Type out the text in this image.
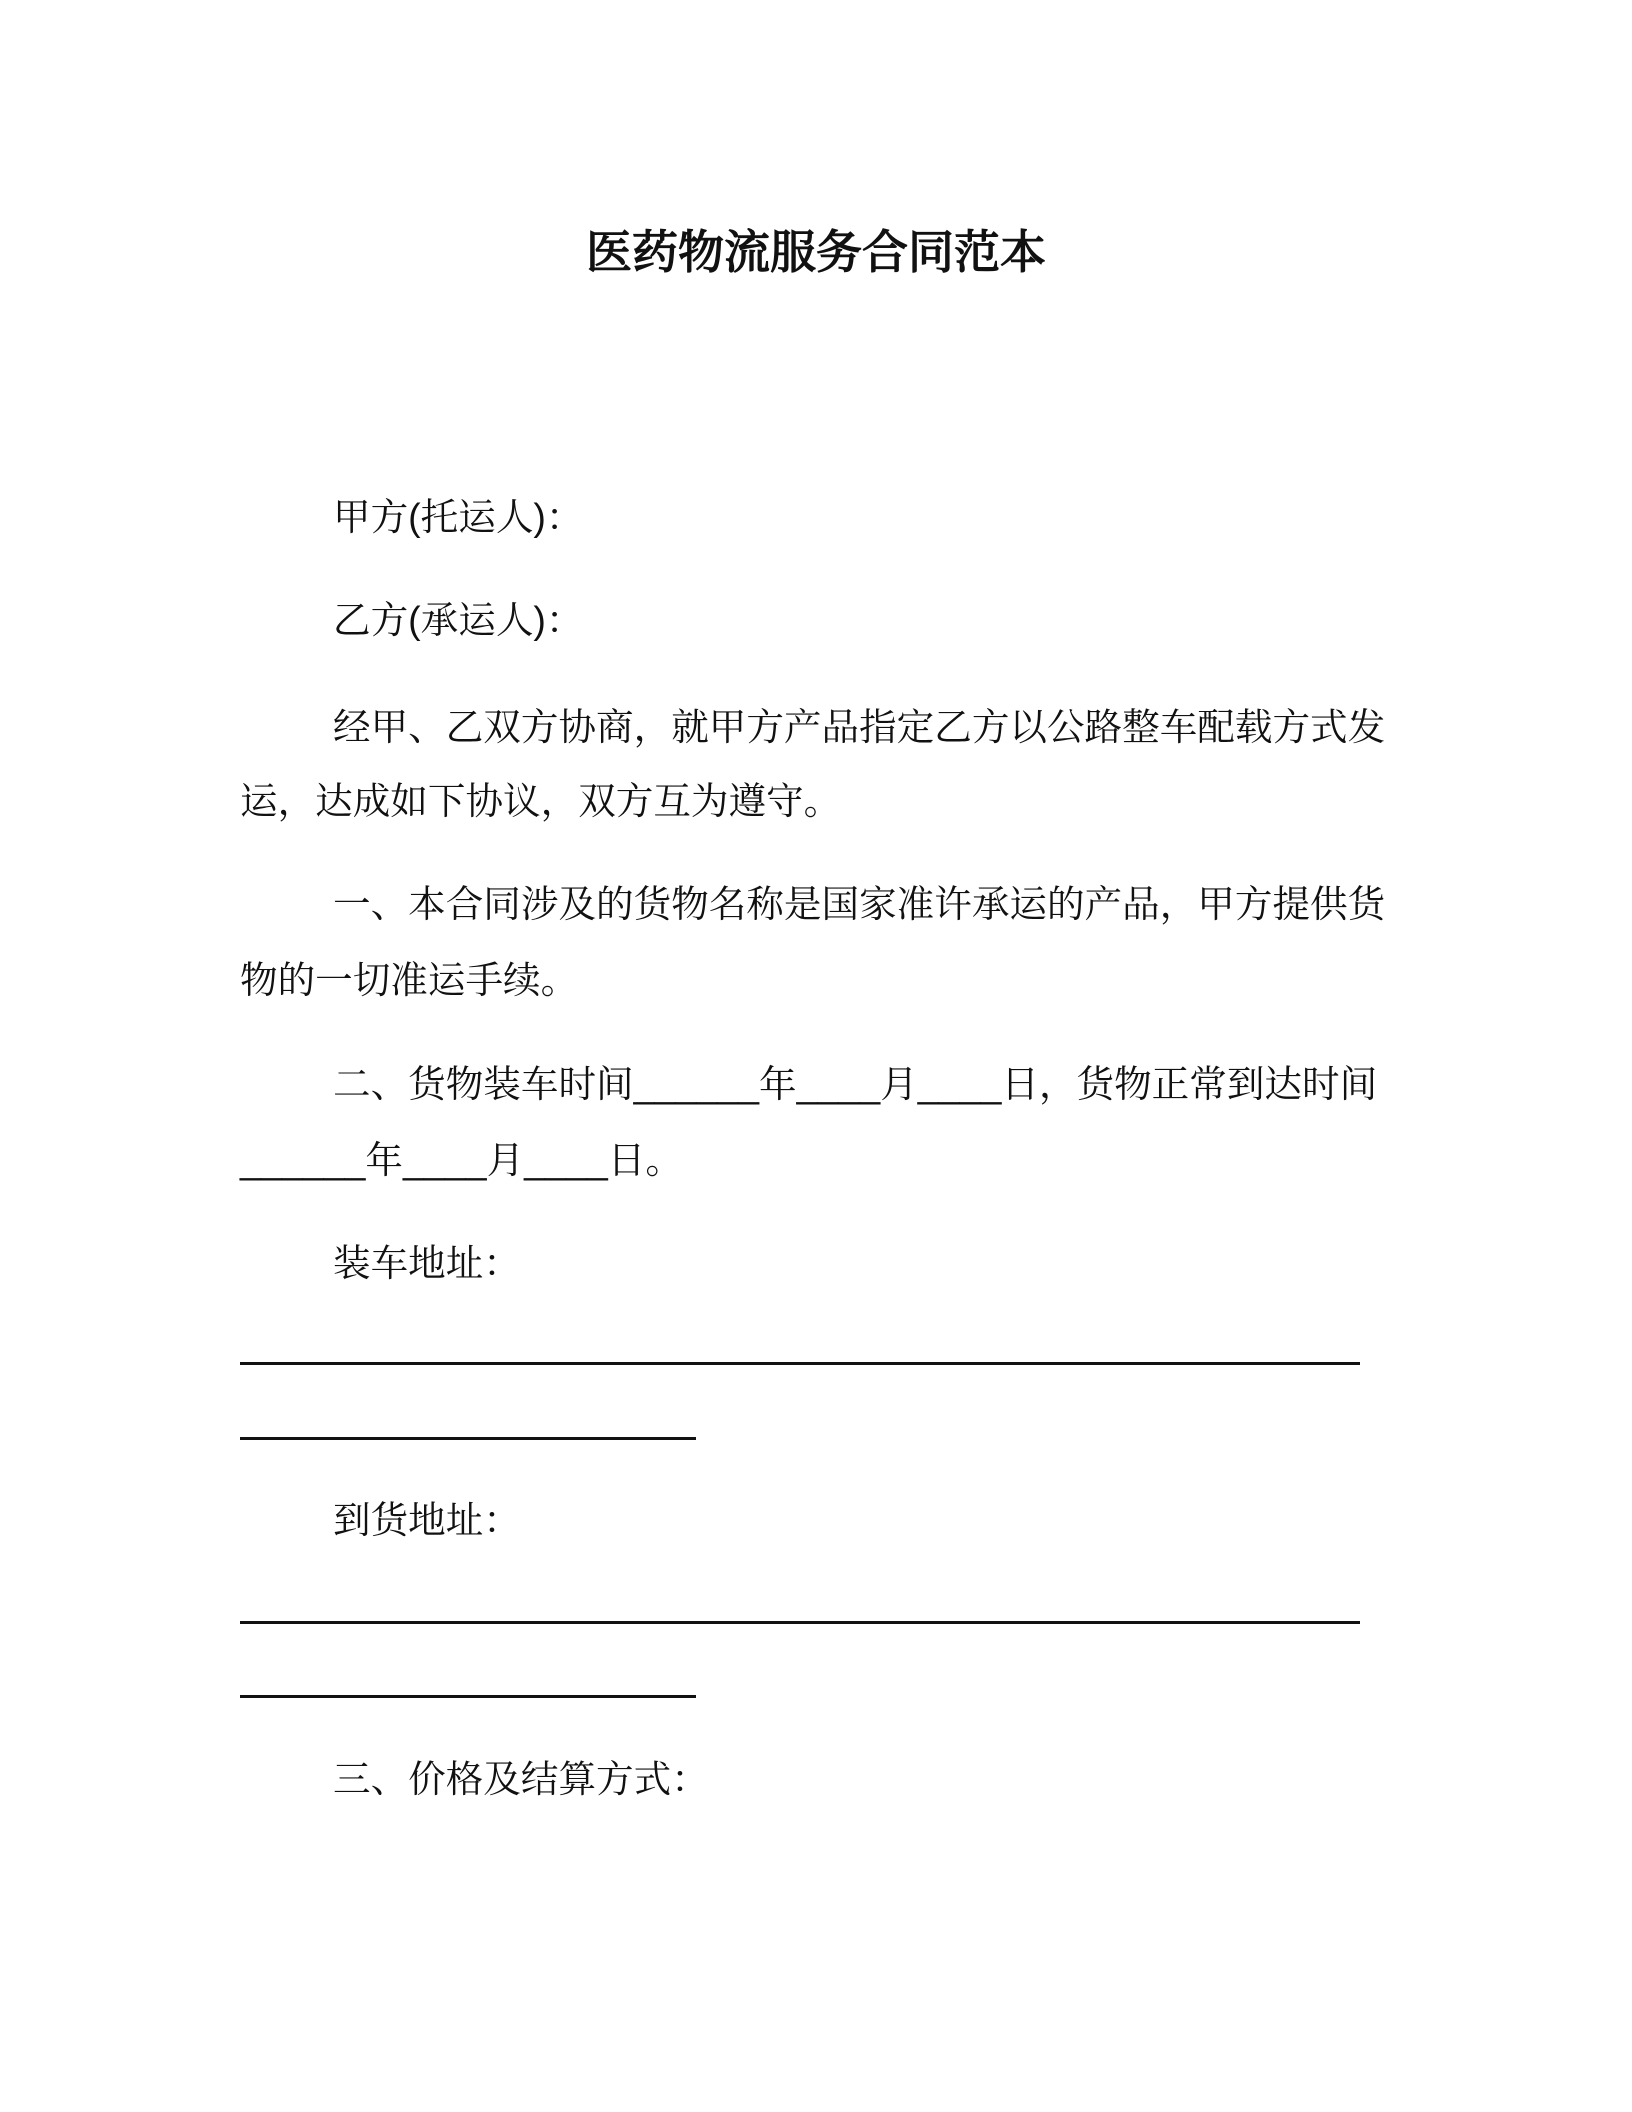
医药物流服务合同范本
甲方(托运人)：
乙方(承运人)：
经甲、乙双方协商，就甲方产品指定乙方以公路整车配载方式发
运，达成如下协议，双方互为遵守。
一、本合同涉及的货物名称是国家准许承运的产品，甲方提供货
物的一切准运手续。
二、货物装车时间______年____月____日，货物正常到达时间
______年____月____日。
装车地址：
到货地址：
三、价格及结算方式：
